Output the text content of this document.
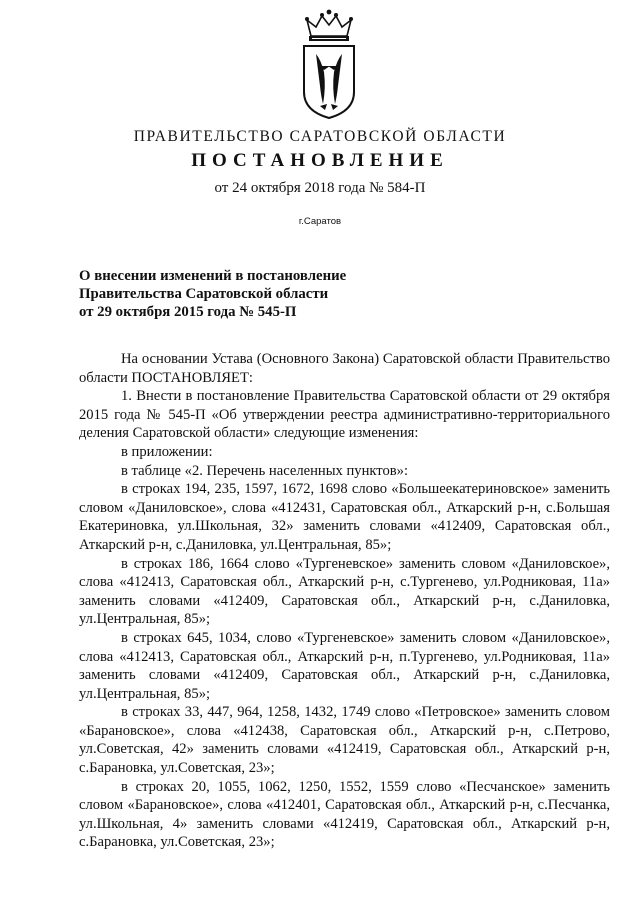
ПРАВИТЕЛЬСТВО САРАТОВСКОЙ ОБЛАСТИ
ПОСТАНОВЛЕНИЕ
от 24 октября 2018 года № 584-П
г.Саратов
О внесении изменений в постановление
Правительства Саратовской области
от 29 октября 2015 года № 545-П
На основании Устава (Основного Закона) Саратовской области Правительство области ПОСТАНОВЛЯЕТ:
1. Внести в постановление Правительства Саратовской области от 29 октября 2015 года № 545-П «Об утверждении реестра административно-территориального деления Саратовской области» следующие изменения:
в приложении:
в таблице «2. Перечень населенных пунктов»:
в строках 194, 235, 1597, 1672, 1698 слово «Большеекатериновское» заменить словом «Даниловское», слова «412431, Саратовская обл., Аткарский р-н, с.Большая Екатериновка, ул.Школьная, 32» заменить словами «412409, Саратовская обл., Аткарский р-н, с.Даниловка, ул.Центральная, 85»;
в строках 186, 1664 слово «Тургеневское» заменить словом «Даниловское», слова «412413, Саратовская обл., Аткарский р-н, с.Тургенево, ул.Родниковая, 11а» заменить словами «412409, Саратовская обл., Аткарский р-н, с.Даниловка, ул.Центральная, 85»;
в строках 645, 1034, слово «Тургеневское» заменить словом «Даниловское», слова «412413, Саратовская обл., Аткарский р-н, п.Тургенево, ул.Родниковая, 11а» заменить словами «412409, Саратовская обл., Аткарский р-н, с.Даниловка, ул.Центральная, 85»;
в строках 33, 447, 964, 1258, 1432, 1749 слово «Петровское» заменить словом «Барановское», слова «412438, Саратовская обл., Аткарский р-н, с.Петрово, ул.Советская, 42» заменить словами «412419, Саратовская обл., Аткарский р-н, с.Барановка, ул.Советская, 23»;
в строках 20, 1055, 1062, 1250, 1552, 1559 слово «Песчанское» заменить словом «Барановское», слова «412401, Саратовская обл., Аткарский р-н, с.Песчанка, ул.Школьная, 4» заменить словами «412419, Саратовская обл., Аткарский р-н, с.Барановка, ул.Советская, 23»;
